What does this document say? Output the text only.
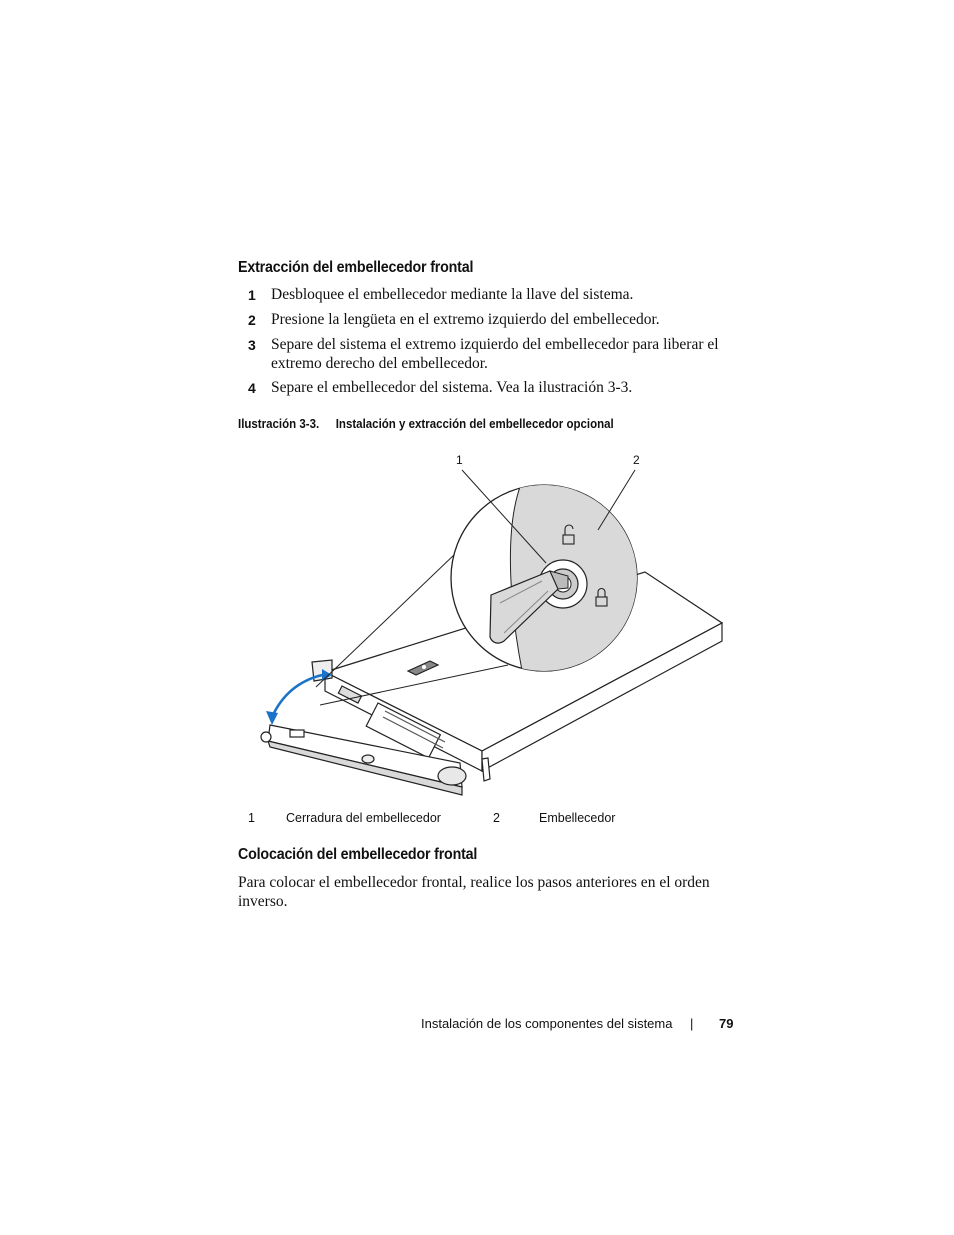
Extracción del embellecedor frontal
1 Desbloquee el embellecedor mediante la llave del sistema.
2 Presione la lengüeta en el extremo izquierdo del embellecedor.
3 Separe del sistema el extremo izquierdo del embellecedor para liberar el extremo derecho del embellecedor.
4 Separe el embellecedor del sistema. Vea la ilustración 3-3.
Ilustración 3-3. Instalación y extracción del embellecedor opcional
1	2
1 Cerradura del embellecedor	2	Embellecedor
Colocación del embellecedor frontal
Para colocar el embellecedor frontal, realice los pasos anteriores en el orden inverso.
Instalación de los componentes del sistema | 79
